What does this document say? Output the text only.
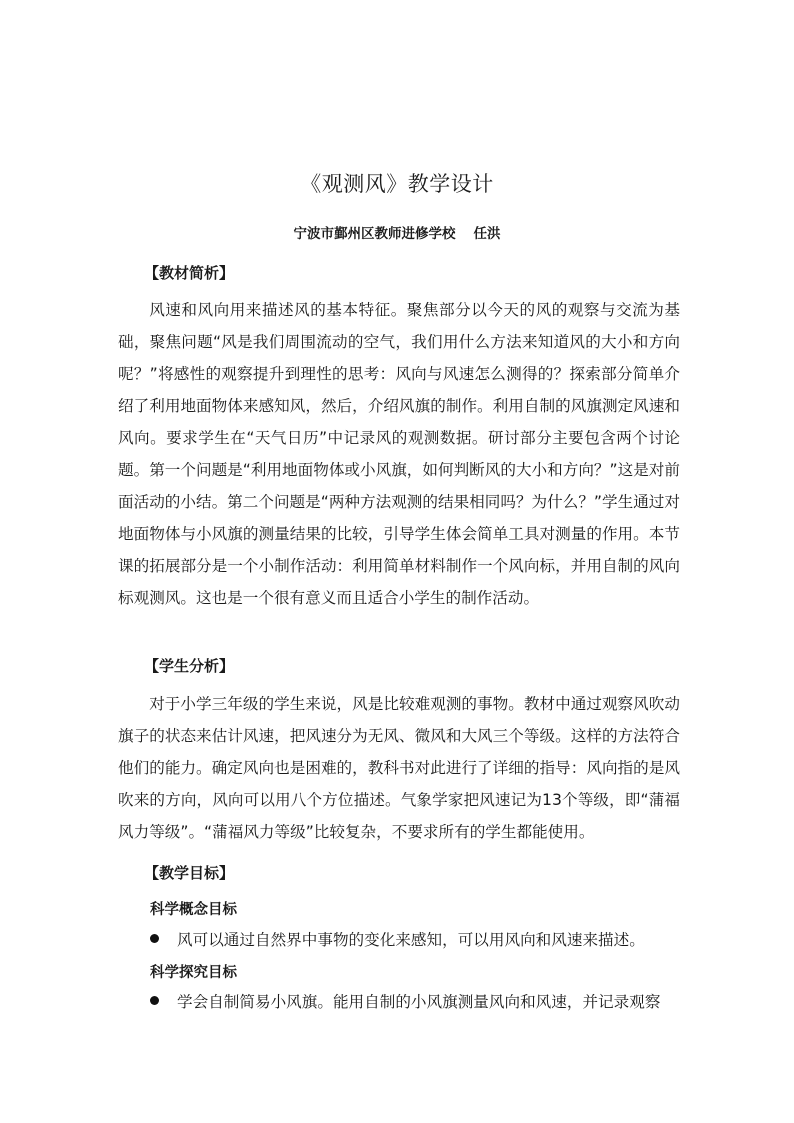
《观测风》教学设计
宁波市鄞州区教师进修学校 任洪
【教材简析】

风速和风向用来描述风的基本特征。聚焦部分以今天的风的观察与交流为基础，聚焦问题“风是我们周围流动的空气，我们用什么方法来知道风的大小和方向呢？”将感性的观察提升到理性的思考：风向与风速怎么测得的？探索部分简单介绍了利用地面物体来感知风，然后，介绍风旗的制作。利用自制的风旗测定风速和风向。要求学生在“天气日历”中记录风的观测数据。研讨部分主要包含两个讨论题。第一个问题是“利用地面物体或小风旗，如何判断风的大小和方向？”这是对前面活动的小结。第二个问题是“两种方法观测的结果相同吗？为什么？”学生通过对地面物体与小风旗的测量结果的比较，引导学生体会简单工具对测量的作用。本节课的拓展部分是一个小制作活动：利用简单材料制作一个风向标，并用自制的风向标观测风。这也是一个很有意义而且适合小学生的制作活动。

【学生分析】

对于小学三年级的学生来说，风是比较难观测的事物。教材中通过观察风吹动旗子的状态来估计风速，把风速分为无风、微风和大风三个等级。这样的方法符合他们的能力。确定风向也是困难的，教科书对此进行了详细的指导：风向指的是风吹来的方向，风向可以用八个方位描述。气象学家把风速记为13个等级，即“蒲福风力等级”。“蒲福风力等级”比较复杂，不要求所有的学生都能使用。

【教学目标】
科学概念目标
风可以通过自然界中事物的变化来感知，可以用风向和风速来描述。
科学探究目标
学会自制简易小风旗。能用自制的小风旗测量风向和风速，并记录观察
